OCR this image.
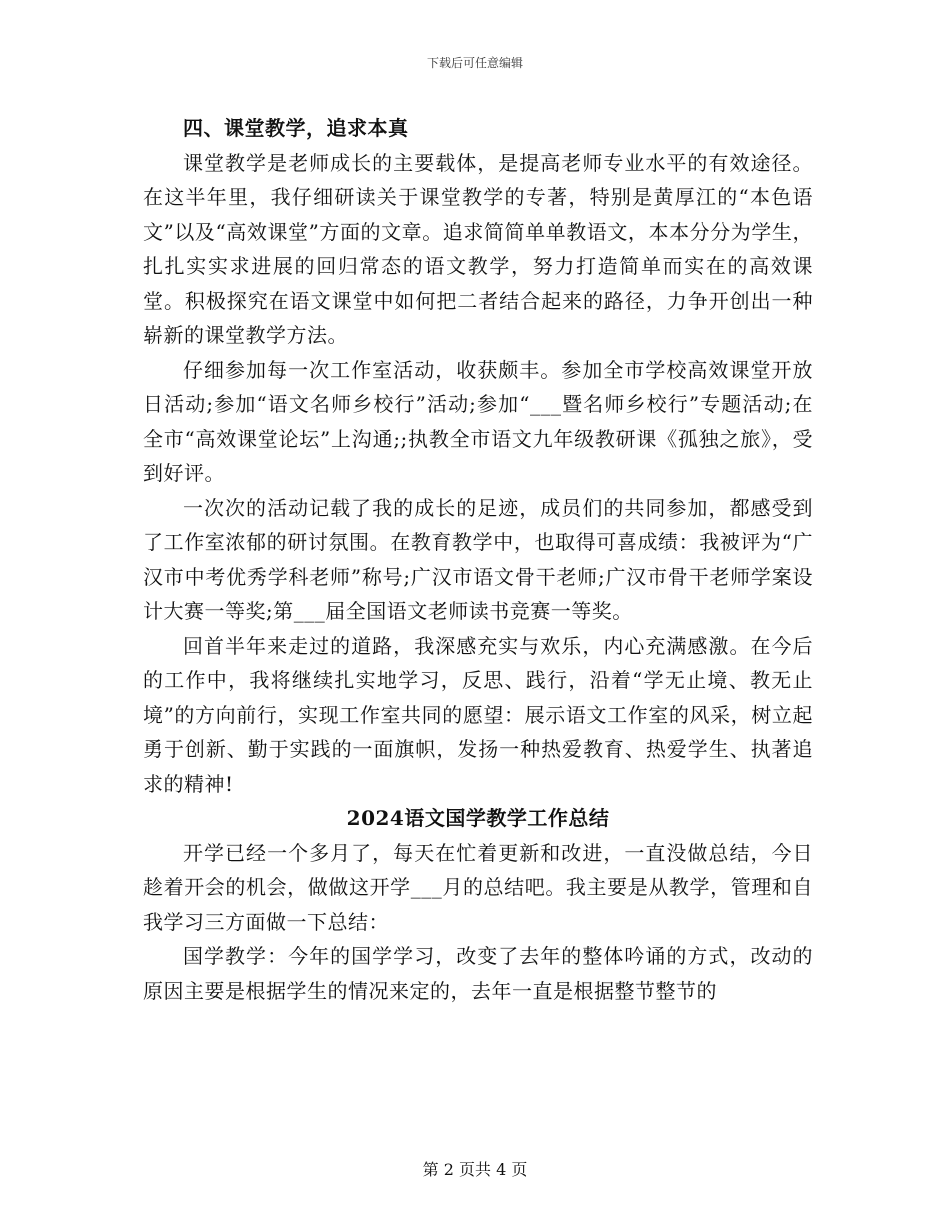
下载后可任意编辑
四、课堂教学，追求本真

课堂教学是老师成长的主要载体，是提高老师专业水平的有效途径。在这半年里，我仔细研读关于课堂教学的专著，特别是黄厚江的“本色语文”以及“高效课堂”方面的文章。追求简简单单教语文，本本分分为学生，扎扎实实求进展的回归常态的语文教学，努力打造简单而实在的高效课堂。积极探究在语文课堂中如何把二者结合起来的路径，力争开创出一种崭新的课堂教学方法。

仔细参加每一次工作室活动，收获颇丰。参加全市学校高效课堂开放日活动;参加“语文名师乡校行”活动;参加“___暨名师乡校行”专题活动;在全市“高效课堂论坛”上沟通;;执教全市语文九年级教研课《孤独之旅》，受到好评。

一次次的活动记载了我的成长的足迹，成员们的共同参加，都感受到了工作室浓郁的研讨氛围。在教育教学中，也取得可喜成绩：我被评为“广汉市中考优秀学科老师”称号;广汉市语文骨干老师;广汉市骨干老师学案设计大赛一等奖;第___届全国语文老师读书竞赛一等奖。

回首半年来走过的道路，我深感充实与欢乐，内心充满感激。在今后的工作中，我将继续扎实地学习，反思、践行，沿着“学无止境、教无止境”的方向前行，实现工作室共同的愿望：展示语文工作室的风采，树立起勇于创新、勤于实践的一面旗帜，发扬一种热爱教育、热爱学生、执著追求的精神!

2024语文国学教学工作总结

开学已经一个多月了，每天在忙着更新和改进，一直没做总结，今日趁着开会的机会，做做这开学___月的总结吧。我主要是从教学，管理和自我学习三方面做一下总结：

国学教学：今年的国学学习，改变了去年的整体吟诵的方式，改动的原因主要是根据学生的情况来定的，去年一直是根据整节整节的

第 2 页共 4 页
